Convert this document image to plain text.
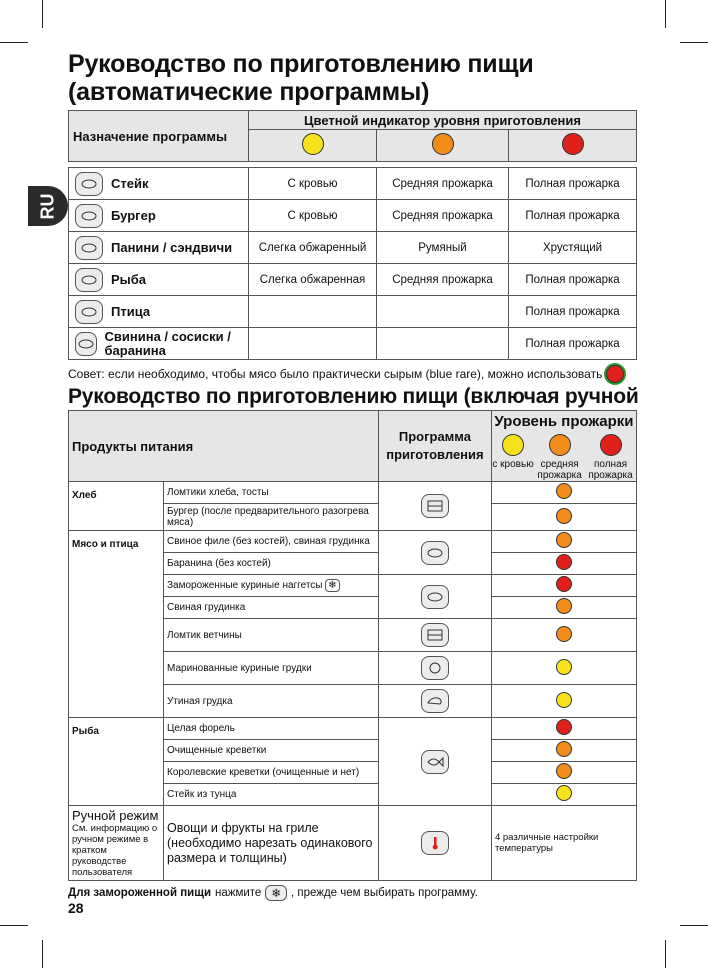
RU
Руководство по приготовлению пищи
(автоматические программы)
Назначение программы	Цветной индикатор уровня приготовления		

Стейк	С кровью	Средняя прожарка	Полная прожарка

Бургер	С кровью	Средняя прожарка	Полная прожарка

Панини / сэндвичи	Слегка обжаренный	Румяный	Хрустящий

Рыба	Слегка обжаренная	Средняя прожарка	Полная прожарка

Птица			Полная прожарка

Свинина / сосиски / баранина			Полная прожарка
Совет: если необходимо, чтобы мясо было практически сырым (blue rare), можно использовать
Руководство по приготовлению пищи (включая ручной режим)
Продукты питания		Программа приготовления	Уровень прожарки
с кровью средняя прожарка
полная прожарка

Хлеб	Ломтики хлеба, тосты	

	Бургер (после предварительного разогрева мяса)		
Мясо и птица	Свиное филе (без костей), свиная грудинка	

	Баранина (без костей)		
	Замороженные куриные наггетсы ❄	

	Свиная грудинка		
	Ломтик ветчины	

	Маринованные куриные грудки	

	Утиная грудка	

Рыба	Целая форель	

	Очищенные креветки		
	Королевские креветки (очищенные и нет)		
	Стейк из тунца		

Ручной режим
См. информацию о ручном режиме в кратком руководстве пользователя	Овощи и фрукты на гриле (необходимо нарезать одинакового размера и толщины)		4 различные настройки температуры
Для замороженной пищи нажмите ❄ , прежде чем выбирать программу.
28
